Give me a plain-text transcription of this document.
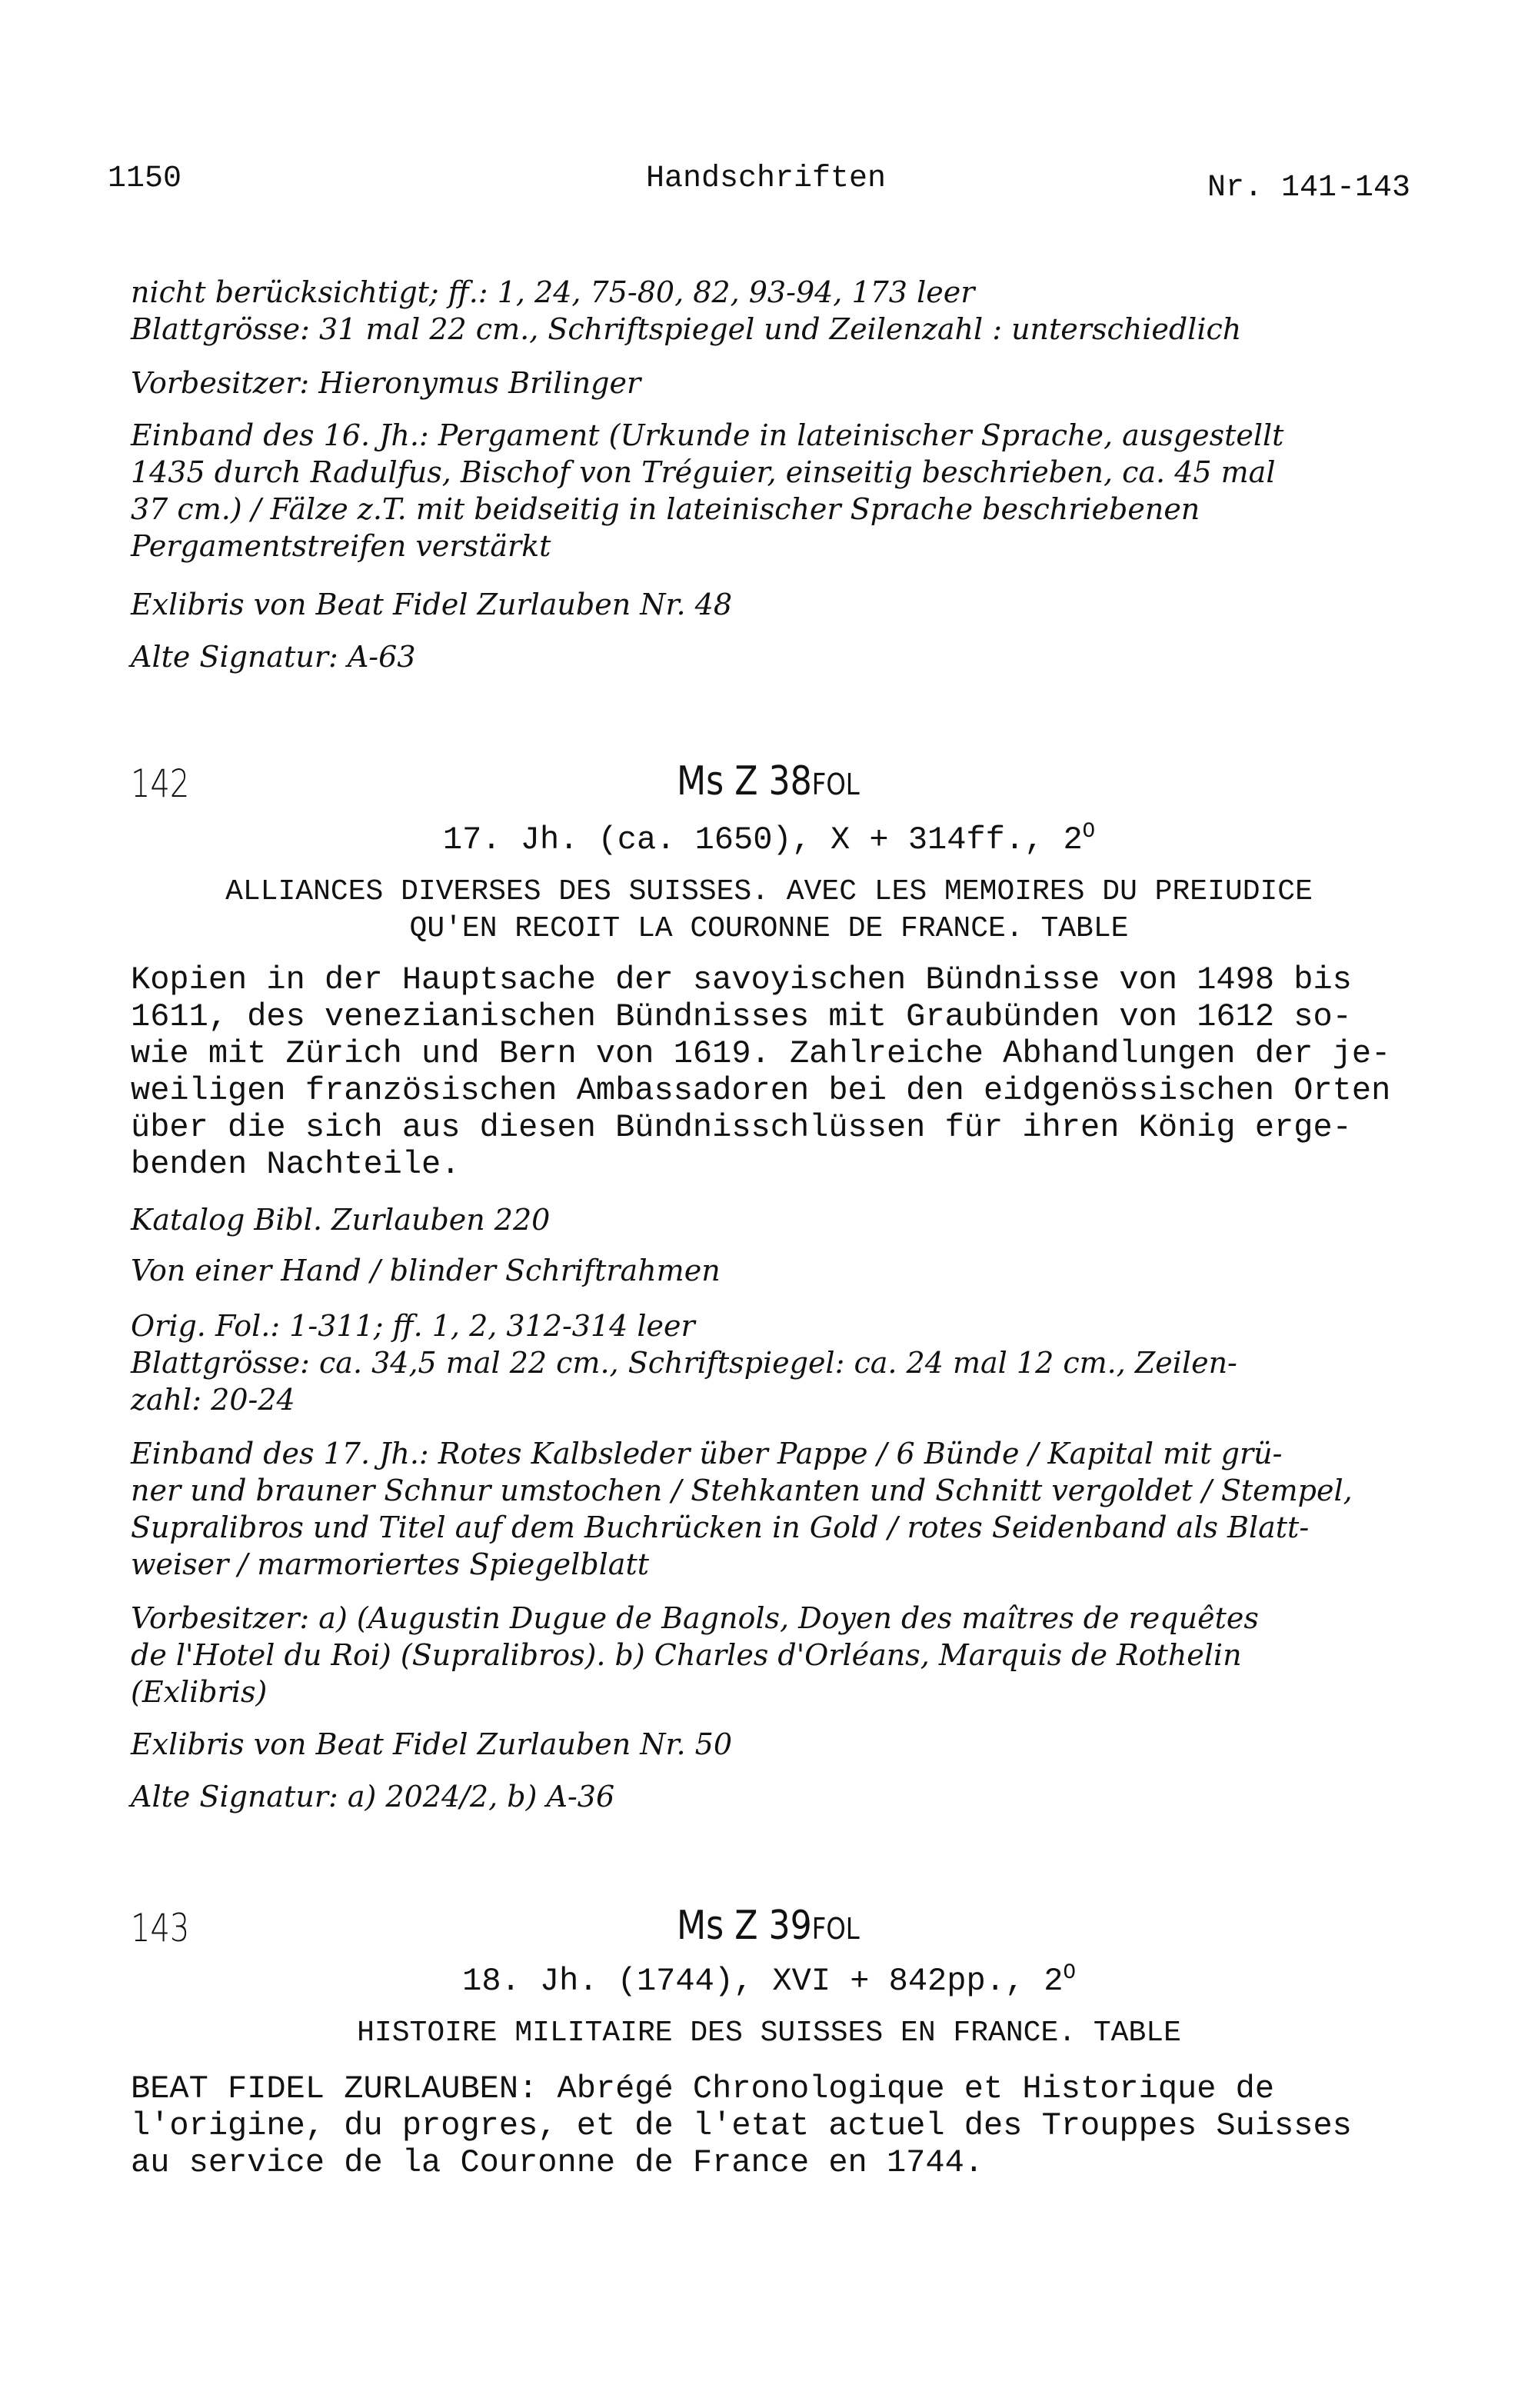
1150	Handschriften	Nr. 141-143
nicht berücksichtigt; ff.: 1, 24, 75-80, 82, 93-94, 173 leer
Blattgrösse: 31 mal 22 cm., Schriftspiegel und Zeilenzahl : unterschiedlich
Vorbesitzer: Hieronymus Brilinger
Einband des 16. Jh.: Pergament (Urkunde in lateinischer Sprache, ausgestellt
1435 durch Radulfus, Bischof von Tréguier, einseitig beschrieben, ca. 45 mal
37 cm.) / Fälze z.T. mit beidseitig in lateinischer Sprache beschriebenen
Pergamentstreifen verstärkt
Exlibris von Beat Fidel Zurlauben Nr. 48
Alte Signatur: A-63
142	Ms Z 38FOL
17. Jh. (ca. 1650), X + 314ff., $2^O$
ALLIANCES DIVERSES DES SUISSES. AVEC LES MEMOIRES DU PREIUDICE
QU'EN RECOIT LA COURONNE DE FRANCE. TABLE
Kopien in der Hauptsache der savoyischen Bündnisse von 1498 bis
1611, des venezianischen Bündnisses mit Graubünden von 1612 so-
wie mit Zürich und Bern von 1619. Zahlreiche Abhandlungen der je-
weiligen französischen Ambassadoren bei den eidgenössischen Orten
über die sich aus diesen Bündnisschlüssen für ihren König erge-
benden Nachteile.
Katalog Bibl. Zurlauben 220
Von einer Hand / blinder Schriftrahmen
Orig. Fol.: 1-311; ff. 1, 2, 312-314 leer
Blattgrösse: ca. 34,5 mal 22 cm., Schriftspiegel: ca. 24 mal 12 cm., Zeilen-
zahl: 20-24
Einband des 17. Jh.: Rotes Kalbsleder über Pappe / 6 Bünde / Kapital mit grü-
ner und brauner Schnur umstochen / Stehkanten und Schnitt vergoldet / Stempel,
Supralibros und Titel auf dem Buchrücken in Gold / rotes Seidenband als Blatt-
weiser / marmoriertes Spiegelblatt
Vorbesitzer: a) (Augustin Dugue de Bagnols, Doyen des maîtres de requêtes
de l'Hotel du Roi) (Supralibros). b) Charles d'Orléans, Marquis de Rothelin
(Exlibris)
Exlibris von Beat Fidel Zurlauben Nr. 50
Alte Signatur: a) 2024/2, b) A-36
143	Ms Z 39FOL
18. Jh. (1744), XVI + 842pp., $2^O$
HISTOIRE MILITAIRE DES SUISSES EN FRANCE. TABLE
BEAT FIDEL ZURLAUBEN: Abrégé Chronologique et Historique de
l'origine, du progres, et de l'etat actuel des Trouppes Suisses
au service de la Couronne de France en 1744.
